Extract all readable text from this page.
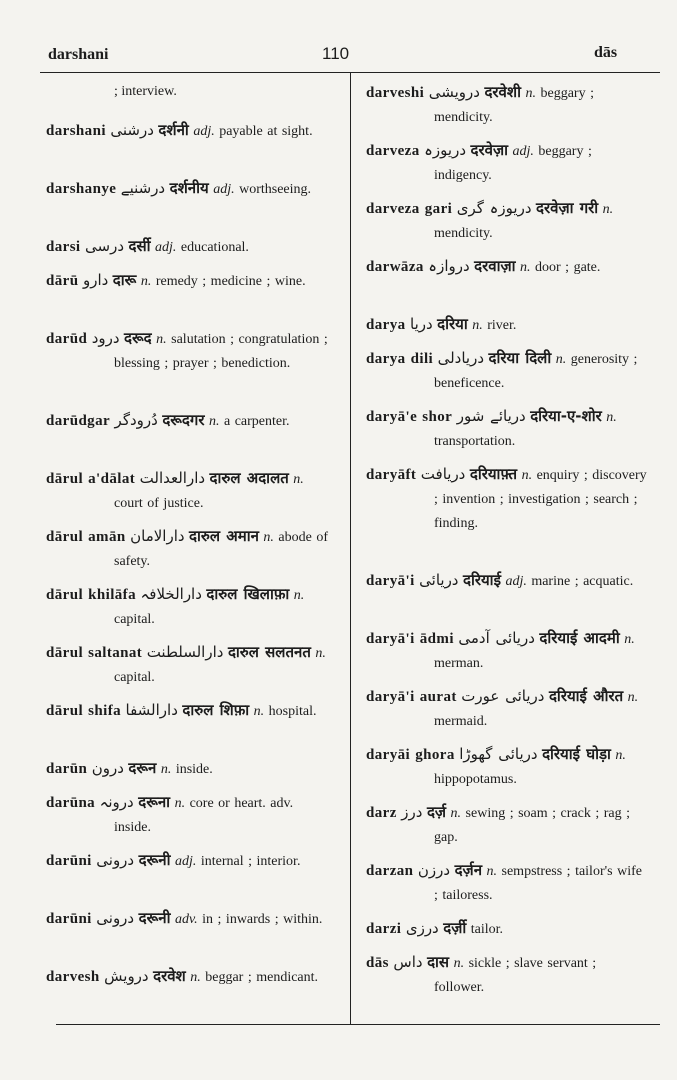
darshani	110	dās

; interview.

darshani درشنی दर्शनी adj. payable at sight.

darshanye درشنیے दर्शनीय adj. worthseeing.

darsi درسی दर्सी adj. educational.

dārū دارو दारू n. remedy ; medicine ; wine.

darūd درود दरूद n. salutation ; congratulation ; blessing ; prayer ; benediction.

darūdgar دُرودگر दरूदगर n. a carpenter.

dārul a'dālat دارالعدالت दारुल अदालत n. court of justice.

dārul amān دارالامان दारुल अमान n. abode of safety.

dārul khilāfa دارالخلافہ दारुल खिलाफ़ा n. capital.

dārul saltanat دارالسلطنت दारुल सलतनत n. capital.

dārul shifa دارالشفا दारुल शिफ़ा n. hospital.

darūn درون दरून n. inside.

darūna درونہ दरूना n. core or heart. adv. inside.

darūni درونی दरूनी adj. internal ; interior.

darūni درونی दरूनी adv. in ; inwards ; within.

darvesh درویش दरवेश n. beggar ; mendicant.

darveshi درویشی दरवेशी n. beggary ; mendicity.

darveza دریوزہ दरवेज़ा adj. beggary ; indigency.

darveza gari دریوزہ گری दरवेज़ा गरी n. mendicity.

darwāza دروازہ दरवाज़ा n. door ; gate.

darya دریا दरिया n. river.

darya dili دریادلی दरिया दिली n. generosity ; beneficence.

daryā'e shor دریائے شور दरिया-ए-शोर n. transportation.

daryāft دریافت दरियाफ़्त n. enquiry ; discovery ; invention ; investigation ; search ; finding.

daryā'i دریائی दरियाई adj. marine ; acquatic.

daryā'i ādmi دریائی آدمی दरियाई आदमी n. merman.

daryā'i aurat دریائی عورت दरियाई औरत n. mermaid.

daryāi ghora دریائی گھوڑا दरियाई घोड़ा n. hippopotamus.

darz درز दर्ज़ n. sewing ; soam ; crack ; rag ; gap.

darzan درزن दर्ज़न n. sempstress ; tailor's wife ; tailoress.

darzi درزی दर्ज़ी tailor.

dās داس दास n. sickle ; slave servant ; follower.
